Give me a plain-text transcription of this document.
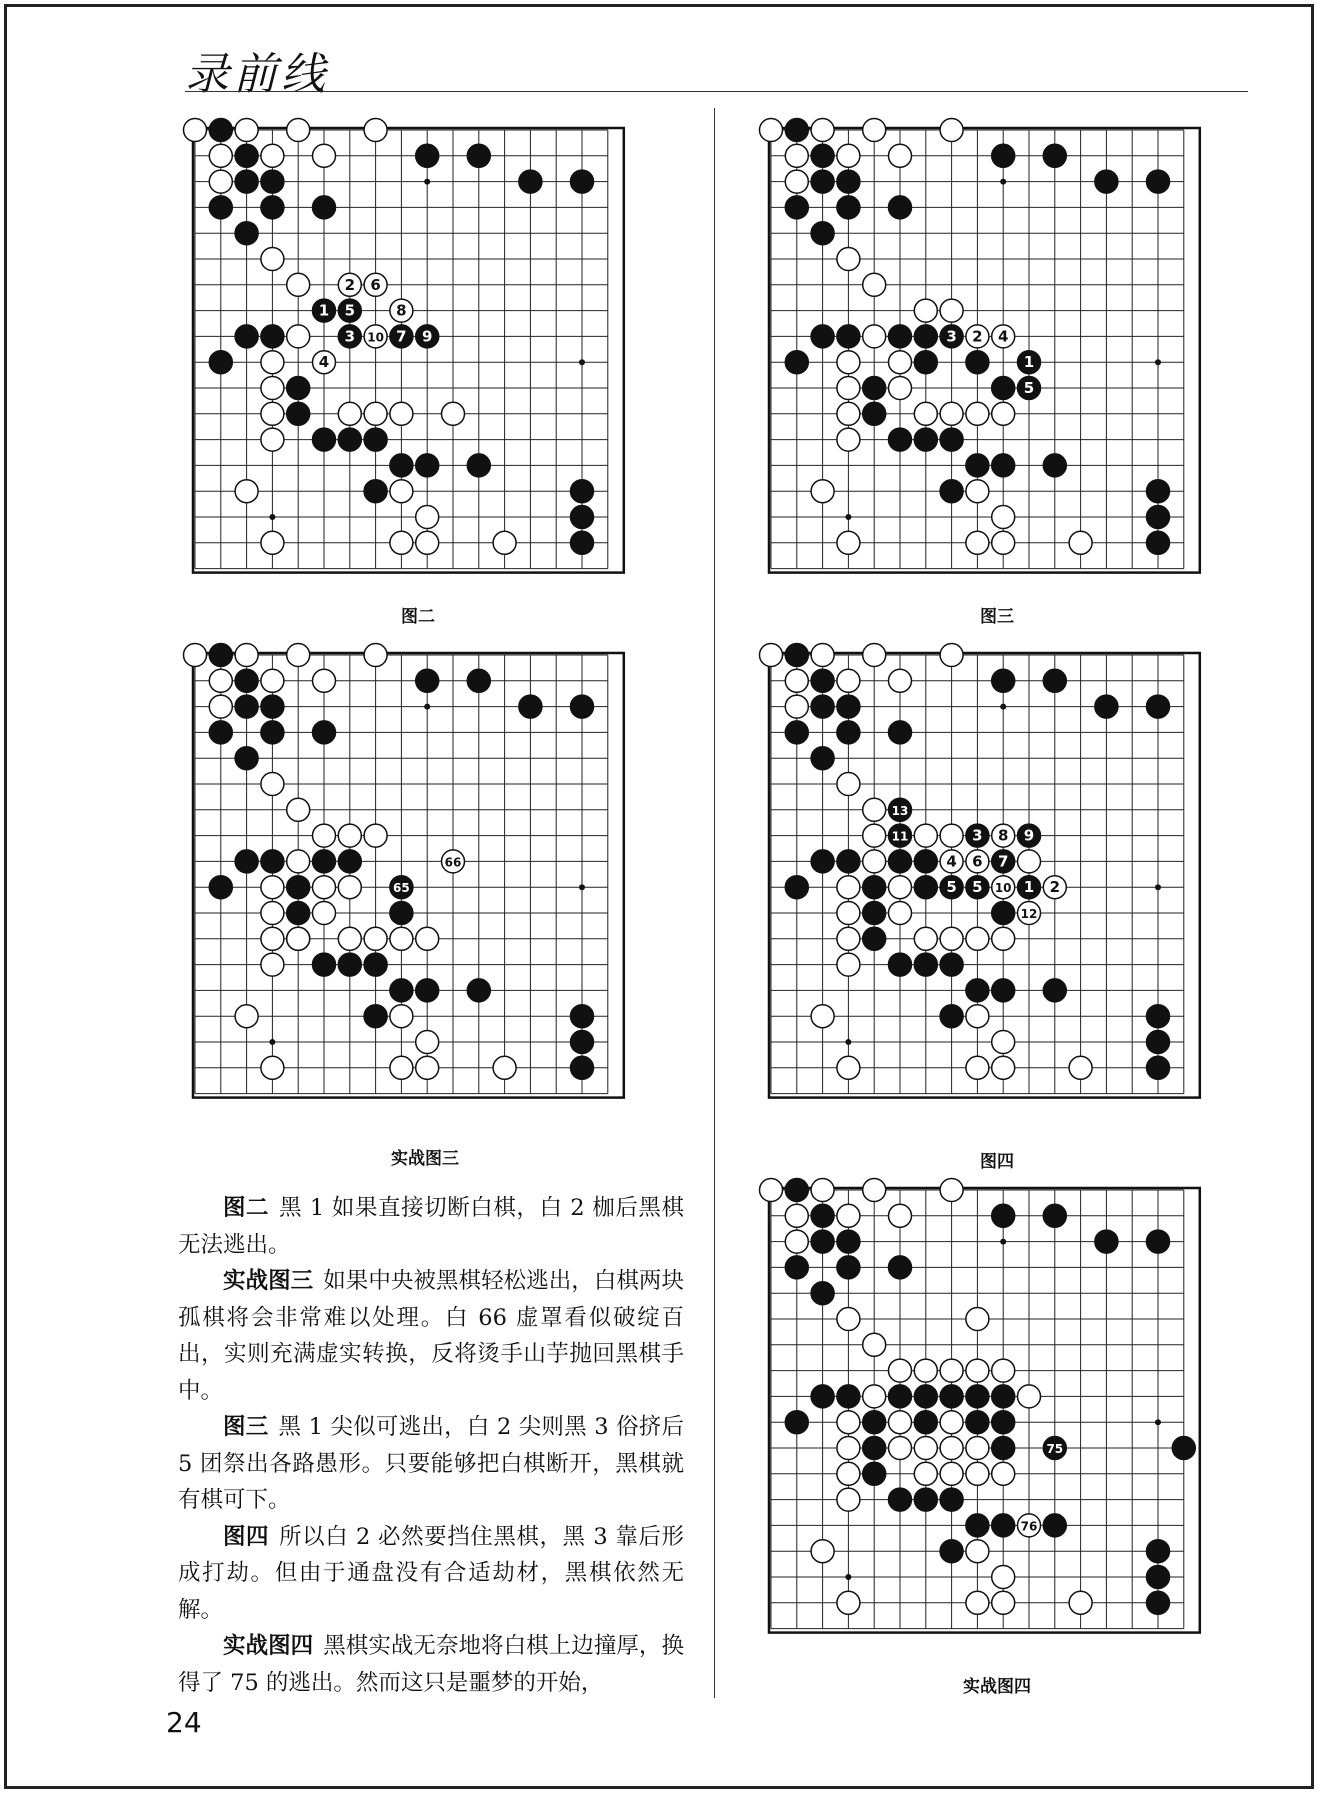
录前线
2 6
1 5	8
3 10 7 9
4
图二
3 2 4
1
5
图三
66
65
实战图三
13
11	3 8 9
4 6 7
5 5 10 1 2
12
图四
75
76
实战图四

图二 黑 1 如果直接切断白棋，白 2 枷后黑棋无法逃出。

实战图三 如果中央被黑棋轻松逃出，白棋两块孤棋将会非常难以处理。白 66 虚罩看似破绽百出，实则充满虚实转换，反将烫手山芋抛回黑棋手中。

图三 黑 1 尖似可逃出，白 2 尖则黑 3 俗挤后 5 团祭出各路愚形。只要能够把白棋断开，黑棋就有棋可下。

图四 所以白 2 必然要挡住黑棋，黑 3 靠后形成打劫。但由于通盘没有合适劫材，黑棋依然无解。

实战图四 黑棋实战无奈地将白棋上边撞厚，换得了 75 的逃出。然而这只是噩梦的开始，

24
